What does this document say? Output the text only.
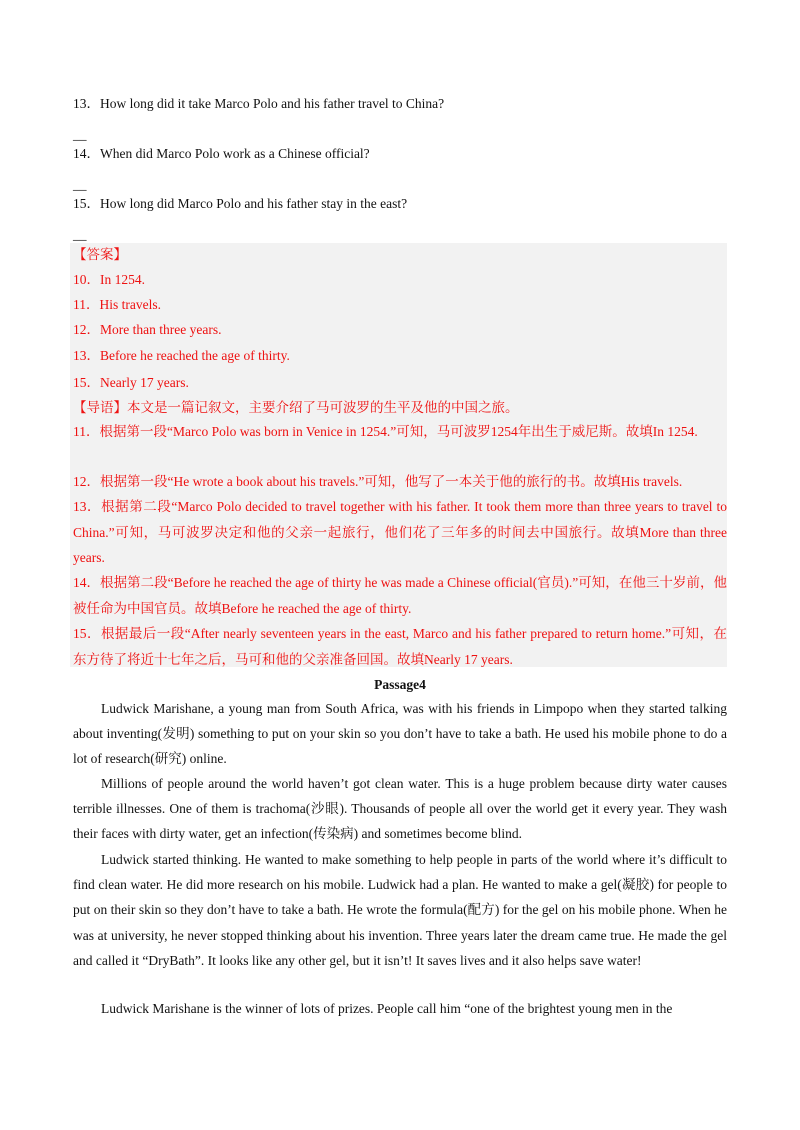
13．How long did it take Marco Polo and his father travel to China?
__
14．When did Marco Polo work as a Chinese official?
__
15．How long did Marco Polo and his father stay in the east?
__
【答案】
10．In 1254.
11．His travels.
12．More than three years.
13．Before he reached the age of thirty.
15．Nearly 17 years.
【导语】本文是一篇记叙文，主要介绍了马可波罗的生平及他的中国之旅。
11．根据第一段“Marco Polo was born in Venice in 1254.”可知，马可波罗1254年出生于威尼斯。故填In 1254.
12．根据第一段“He wrote a book about his travels.”可知，他写了一本关于他的旅行的书。故填His travels.
13．根据第二段“Marco Polo decided to travel together with his father. It took them more than three years to travel to China.”可知，马可波罗决定和他的父亲一起旅行，他们花了三年多的时间去中国旅行。故填More than three years.
14．根据第二段“Before he reached the age of thirty he was made a Chinese official(官员).”可知，在他三十岁前，他被任命为中国官员。故填Before he reached the age of thirty.
15．根据最后一段“After nearly seventeen years in the east, Marco and his father prepared to return home.”可知，在东方待了将近十七年之后，马可和他的父亲准备回国。故填Nearly 17 years.
Passage4
Ludwick Marishane, a young man from South Africa, was with his friends in Limpopo when they started talking about inventing(发明) something to put on your skin so you don’t have to take a bath. He used his mobile phone to do a lot of research(研究) online.
Millions of people around the world haven’t got clean water. This is a huge problem because dirty water causes terrible illnesses. One of them is trachoma(沙眼). Thousands of people all over the world get it every year. They wash their faces with dirty water, get an infection(传染病) and sometimes become blind.
Ludwick started thinking. He wanted to make something to help people in parts of the world where it’s difficult to find clean water. He did more research on his mobile. Ludwick had a plan. He wanted to make a gel(凝胶) for people to put on their skin so they don’t have to take a bath. He wrote the formula(配方) for the gel on his mobile phone. When he was at university, he never stopped thinking about his invention. Three years later the dream came true. He made the gel and called it “DryBath”. It looks like any other gel, but it isn’t! It saves lives and it also helps save water!
Ludwick Marishane is the winner of lots of prizes. People call him “one of the brightest young men in the
